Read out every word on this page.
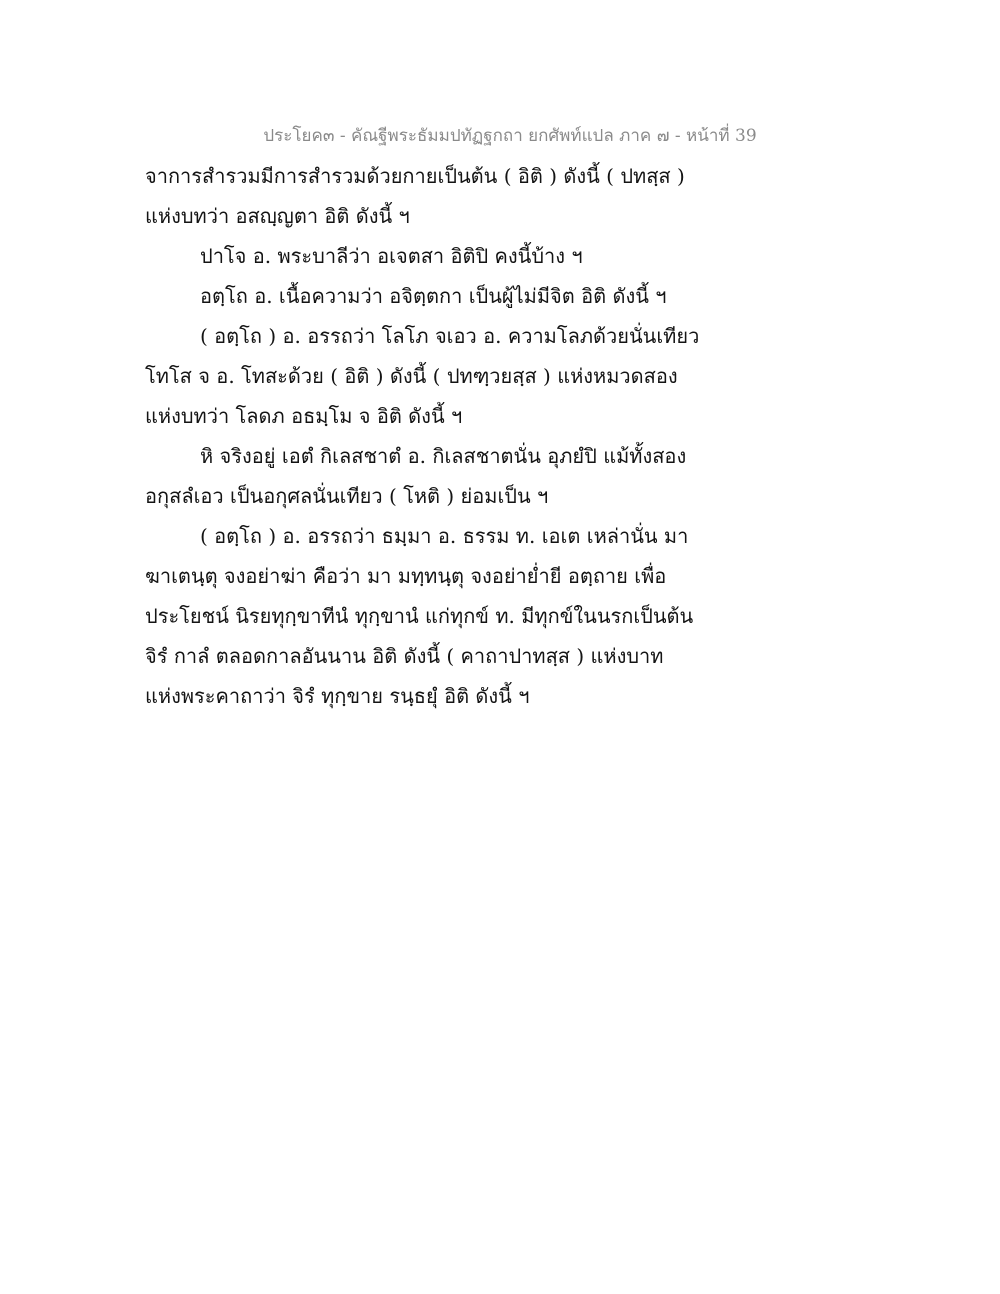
ประโยค๓ - คัณฐีพระธัมมปทัฏฐกถา ยกศัพท์แปล ภาค ๗ - หน้าที่ 39
จาการสำรวมมีการสำรวมด้วยกายเป็นต้น ( อิติ ) ดังนี้ ( ปทสฺส )
แห่งบทว่า อสญฺญตา อิติ ดังนี้ ฯ
ปาโจ อ. พระบาลีว่า อเจตสา อิติปิ คงนี้บ้าง ฯ
อตฺโถ อ. เนื้อความว่า อจิตฺตกา เป็นผู้ไม่มีจิต อิติ ดังนี้ ฯ
( อตฺโถ ) อ. อรรถว่า โลโภ จเอว อ. ความโลภด้วยนั่นเทียว
โทโส จ อ. โทสะด้วย ( อิติ ) ดังนี้ ( ปทฑฺวยสฺส ) แห่งหมวดสอง
แห่งบทว่า โลดภ อธมฺโม จ อิติ ดังนี้ ฯ
หิ จริงอยู่ เอตํ กิเลสชาตํ อ. กิเลสชาตนั่น อุภยํปิ แม้ทั้งสอง
อกุสลํเอว เป็นอกุศลนั่นเทียว ( โหติ ) ย่อมเป็น ฯ
( อตฺโถ ) อ. อรรถว่า ธมฺมา อ. ธรรม ท. เอเต เหล่านั่น มา
ฆาเตนฺตุ จงอย่าฆ่า คือว่า มา มทฺทนฺตุ จงอย่าย่ำยี อตฺถาย เพื่อ
ประโยชน์ นิรยทุกฺขาทีนํ ทุกฺขานํ แก่ทุกข์ ท. มีทุกข์ในนรกเป็นต้น
จิรํ กาลํ ตลอดกาลอันนาน อิติ ดังนี้ ( คาถาปาทสฺส ) แห่งบาท
แห่งพระคาถาว่า จิรํ ทุกฺขาย รนฺธยุํ อิติ ดังนี้ ฯ
